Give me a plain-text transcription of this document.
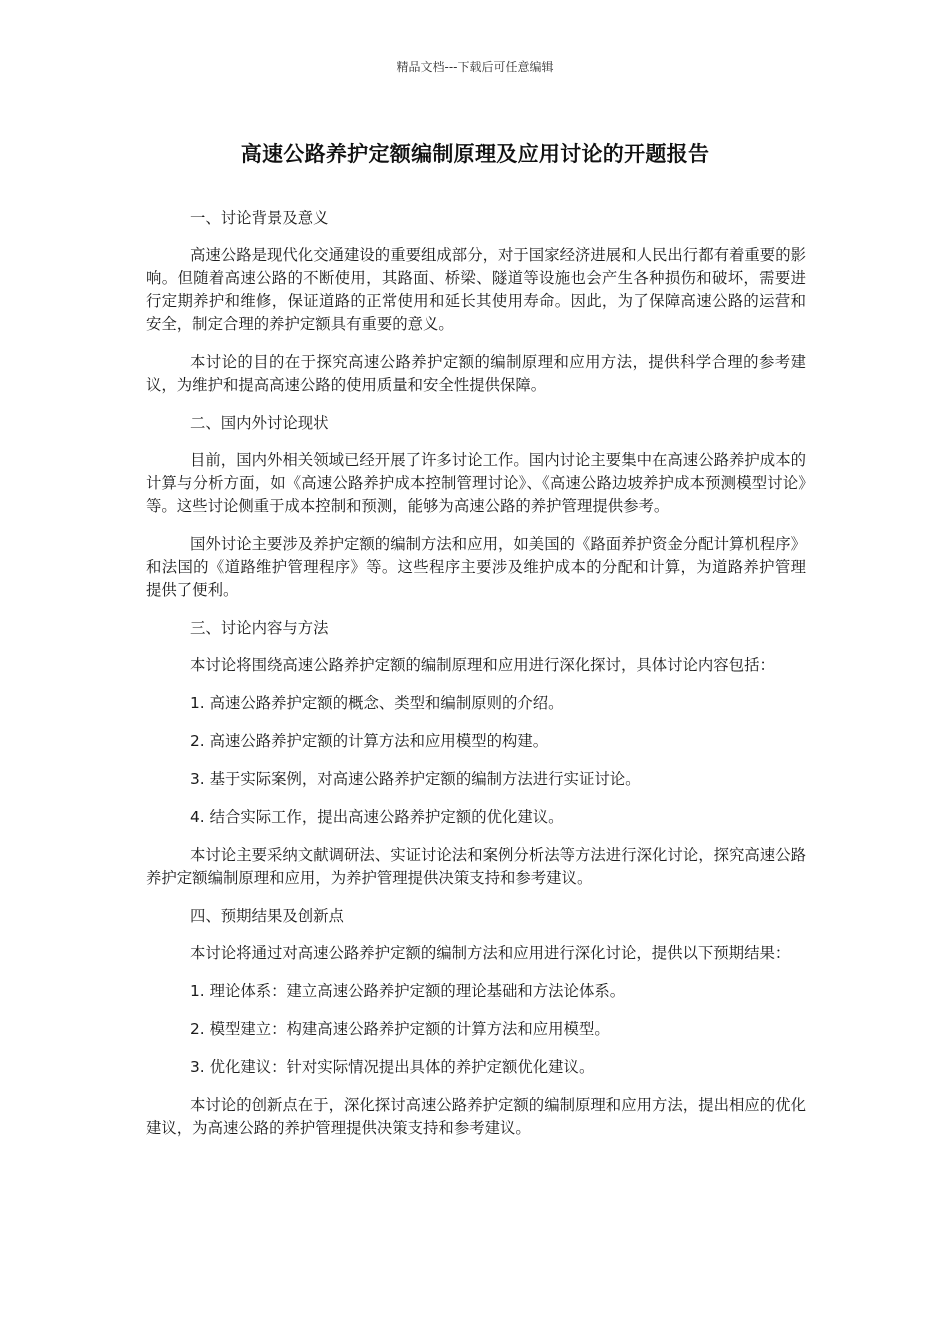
精品文档---下载后可任意编辑
高速公路养护定额编制原理及应用讨论的开题报告

一、讨论背景及意义

高速公路是现代化交通建设的重要组成部分，对于国家经济进展和人民出行都有着重要的影响。但随着高速公路的不断使用，其路面、桥梁、隧道等设施也会产生各种损伤和破坏，需要进行定期养护和维修，保证道路的正常使用和延长其使用寿命。因此，为了保障高速公路的运营和安全，制定合理的养护定额具有重要的意义。

本讨论的目的在于探究高速公路养护定额的编制原理和应用方法，提供科学合理的参考建议，为维护和提高高速公路的使用质量和安全性提供保障。

二、国内外讨论现状

目前，国内外相关领域已经开展了许多讨论工作。国内讨论主要集中在高速公路养护成本的计算与分析方面，如《高速公路养护成本控制管理讨论》、《高速公路边坡养护成本预测模型讨论》等。这些讨论侧重于成本控制和预测，能够为高速公路的养护管理提供参考。

国外讨论主要涉及养护定额的编制方法和应用，如美国的《路面养护资金分配计算机程序》和法国的《道路维护管理程序》等。这些程序主要涉及维护成本的分配和计算，为道路养护管理提供了便利。

三、讨论内容与方法

本讨论将围绕高速公路养护定额的编制原理和应用进行深化探讨，具体讨论内容包括：

1. 高速公路养护定额的概念、类型和编制原则的介绍。

2. 高速公路养护定额的计算方法和应用模型的构建。

3. 基于实际案例，对高速公路养护定额的编制方法进行实证讨论。

4. 结合实际工作，提出高速公路养护定额的优化建议。

本讨论主要采纳文献调研法、实证讨论法和案例分析法等方法进行深化讨论，探究高速公路养护定额编制原理和应用，为养护管理提供决策支持和参考建议。

四、预期结果及创新点

本讨论将通过对高速公路养护定额的编制方法和应用进行深化讨论，提供以下预期结果：

1. 理论体系：建立高速公路养护定额的理论基础和方法论体系。

2. 模型建立：构建高速公路养护定额的计算方法和应用模型。

3. 优化建议：针对实际情况提出具体的养护定额优化建议。

本讨论的创新点在于，深化探讨高速公路养护定额的编制原理和应用方法，提出相应的优化建议，为高速公路的养护管理提供决策支持和参考建议。
